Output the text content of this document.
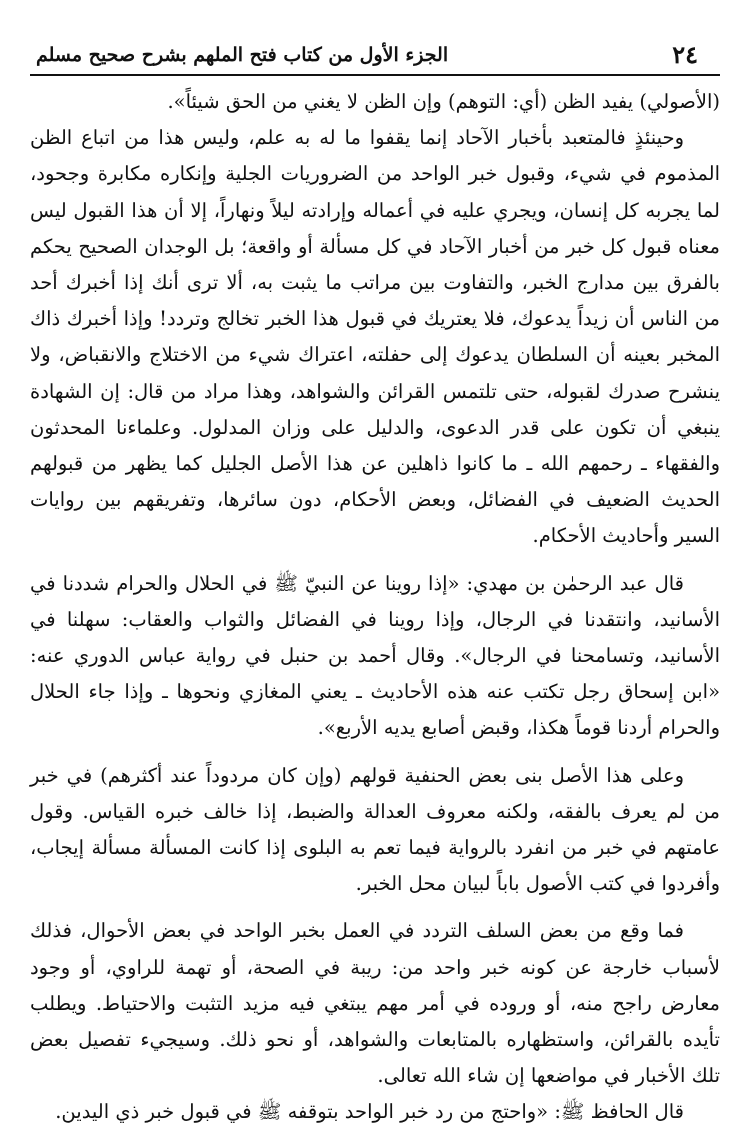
٢٤
الجزء الأول من كتاب فتح الملهم بشرح صحيح مسلم

(الأصولي) يفيد الظن (أي: التوهم) وإن الظن لا يغني من الحق شيئاً».

وحينئذٍ فالمتعبد بأخبار الآحاد إنما يقفوا ما له به علم، وليس هذا من اتباع الظن المذموم في شيء، وقبول خبر الواحد من الضروريات الجلية وإنكاره مكابرة وجحود، لما يجربه كل إنسان، ويجري عليه في أعماله وإرادته ليلاً ونهاراً، إلا أن هذا القبول ليس معناه قبول كل خبر من أخبار الآحاد في كل مسألة أو واقعة؛ بل الوجدان الصحيح يحكم بالفرق بين مدارج الخبر، والتفاوت بين مراتب ما يثبت به، ألا ترى أنك إذا أخبرك أحد من الناس أن زيداً يدعوك، فلا يعتريك في قبول هذا الخبر تخالج وتردد! وإذا أخبرك ذاك المخبر بعينه أن السلطان يدعوك إلى حفلته، اعتراك شيء من الاختلاج والانقباض، ولا ينشرح صدرك لقبوله، حتى تلتمس القرائن والشواهد، وهذا مراد من قال: إن الشهادة ينبغي أن تكون على قدر الدعوى، والدليل على وزان المدلول. وعلماءنا المحدثون والفقهاء ـ رحمهم الله ـ ما كانوا ذاهلين عن هذا الأصل الجليل كما يظهر من قبولهم الحديث الضعيف في الفضائل، وبعض الأحكام، دون سائرها، وتفريقهم بين روايات السير وأحاديث الأحكام.

قال عبد الرحمٰن بن مهدي: «إذا روينا عن النبيّ ﷺ في الحلال والحرام شددنا في الأسانيد، وانتقدنا في الرجال، وإذا روينا في الفضائل والثواب والعقاب: سهلنا في الأسانيد، وتسامحنا في الرجال». وقال أحمد بن حنبل في رواية عباس الدوري عنه: «ابن إسحاق رجل تكتب عنه هذه الأحاديث ـ يعني المغازي ونحوها ـ وإذا جاء الحلال والحرام أردنا قوماً هكذا، وقبض أصابع يديه الأربع».

وعلى هذا الأصل بنى بعض الحنفية قولهم (وإن كان مردوداً عند أكثرهم) في خبر من لم يعرف بالفقه، ولكنه معروف العدالة والضبط، إذا خالف خبره القياس. وقول عامتهم في خبر من انفرد بالرواية فيما تعم به البلوى إذا كانت المسألة مسألة إيجاب، وأفردوا في كتب الأصول باباً لبيان محل الخبر.

فما وقع من بعض السلف التردد في العمل بخبر الواحد في بعض الأحوال، فذلك لأسباب خارجة عن كونه خبر واحد من: ريبة في الصحة، أو تهمة للراوي، أو وجود معارض راجح منه، أو وروده في أمر مهم يبتغي فيه مزيد التثبت والاحتياط. ويطلب تأيده بالقرائن، واستظهاره بالمتابعات والشواهد، أو نحو ذلك. وسيجيء تفصيل بعض تلك الأخبار في مواضعها إن شاء الله تعالى.

قال الحافظ ﷺ: «واحتج من رد خبر الواحد بتوقفه ﷺ في قبول خبر ذي اليدين.
